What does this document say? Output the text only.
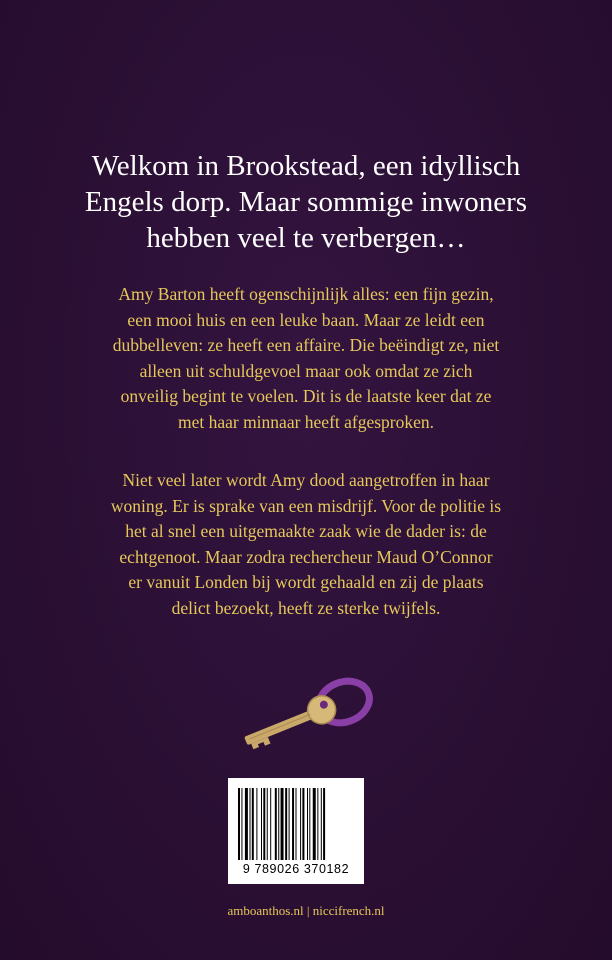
Welkom in Brookstead, een idyllisch
Engels dorp. Maar sommige inwoners
hebben veel te verbergen…
Amy Barton heeft ogenschijnlijk alles: een fijn gezin,
een mooi huis en een leuke baan. Maar ze leidt een
dubbelleven: ze heeft een affaire. Die beëindigt ze, niet
alleen uit schuldgevoel maar ook omdat ze zich
onveilig begint te voelen. Dit is de laatste keer dat ze
met haar minnaar heeft afgesproken.
Niet veel later wordt Amy dood aangetroffen in haar
woning. Er is sprake van een misdrijf. Voor de politie is
het al snel een uitgemaakte zaak wie de dader is: de
echtgenoot. Maar zodra rechercheur Maud O’Connor
er vanuit Londen bij wordt gehaald en zij de plaats
delict bezoekt, heeft ze sterke twijfels.
9 789026 370182
amboanthos.nl | niccifrench.nl
